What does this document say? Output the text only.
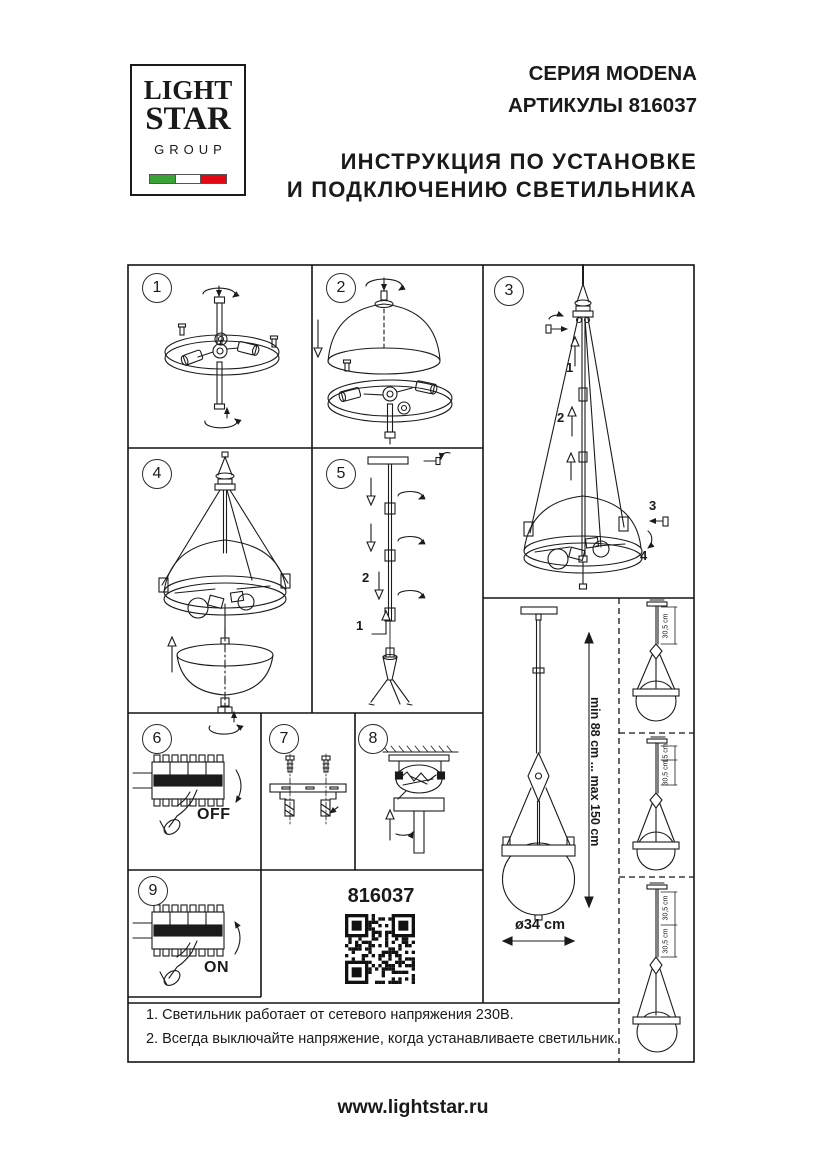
LIGHT
STAR
GROUP
СЕРИЯ MODENA
АРТИКУЛЫ 816037
ИНСТРУКЦИЯ ПО УСТАНОВКЕ
И ПОДКЛЮЧЕНИЮ СВЕТИЛЬНИКА
1	2	3
4	5
6	7	8
9
1
2
3
4
2
1
OFF
ON
816037
min 88 cm ... max 150 cm
ø34 cm
30,5 cm
15 cm
30,5 cm
30,5 cm
30,5 cm
1. Светильник работает от сетевого напряжения 230В.
2. Всегда выключайте напряжение, когда устанавливаете светильник.
www.lightstar.ru
